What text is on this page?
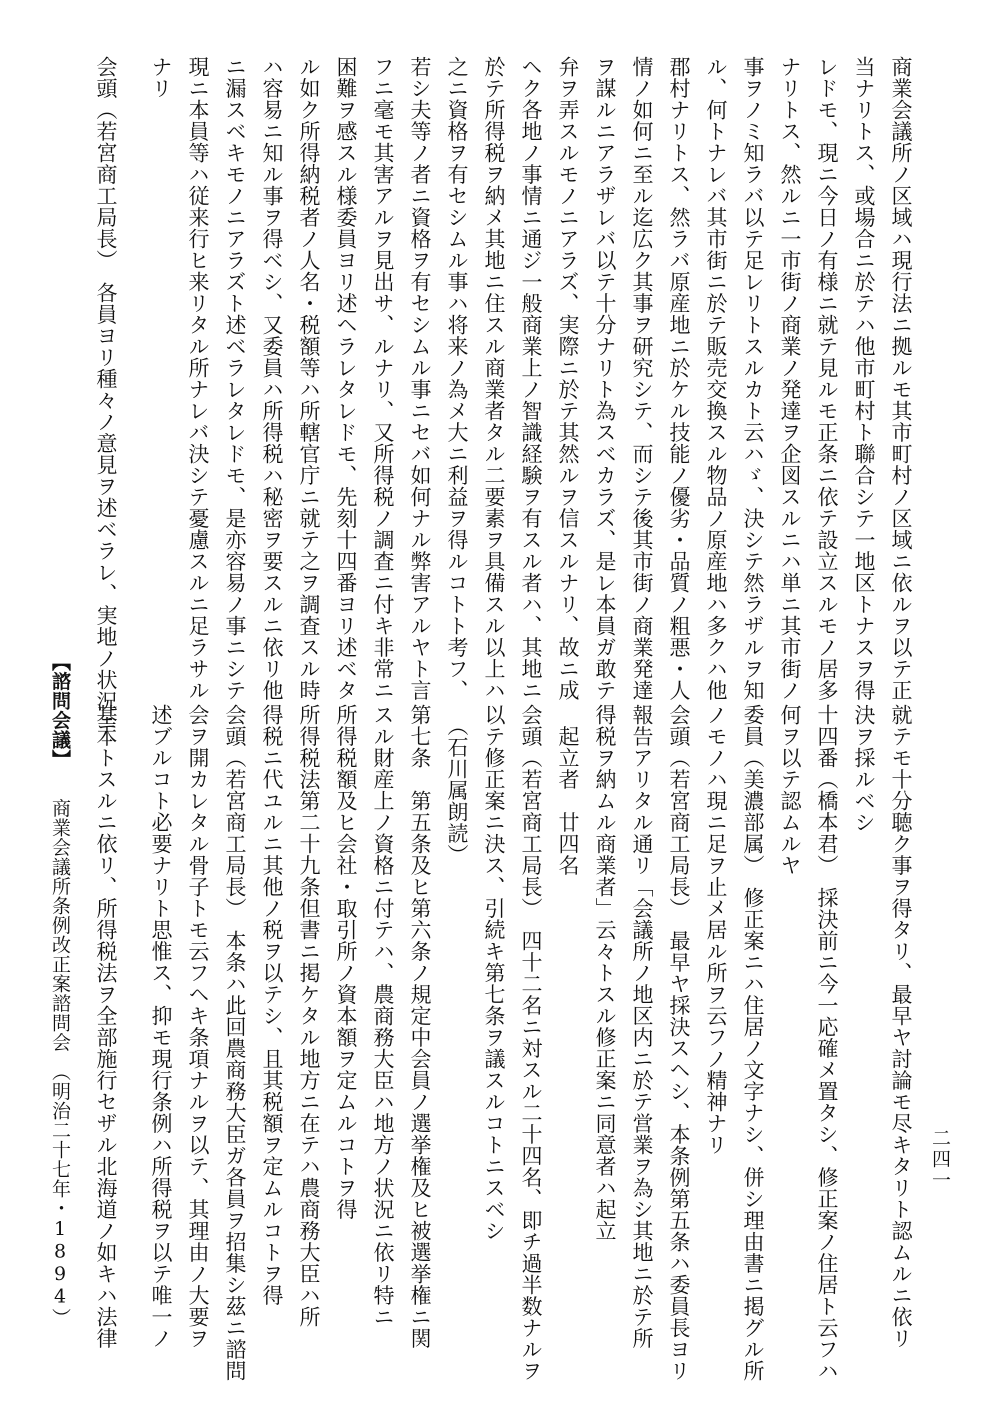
商業会議所ノ区域ハ現行法ニ拠ルモ其市町村ノ区域ニ依ルヲ以テ正
当ナリトス、或場合ニ於テハ他市町村ト聯合シテ一地区トナスヲ得
レドモ、現ニ今日ノ有様ニ就テ見ルモ正条ニ依テ設立スルモノ居多
ナリトス、然ルニ一市街ノ商業ノ発達ヲ企図スルニハ単ニ其市街ノ
事ヲノミ知ラバ以テ足レリトスルカト云ハゞ、決シテ然ラザルヲ知
ル、何トナレバ其市街ニ於テ販売交換スル物品ノ原産地ハ多クハ他
郡村ナリトス、然ラバ原産地ニ於ケル技能ノ優劣・品質ノ粗悪・人
情ノ如何ニ至ル迄広ク其事ヲ研究シテ、而シテ後其市街ノ商業発達
ヲ謀ルニアラザレバ以テ十分ナリト為スベカラズ、是レ本員ガ敢テ
弁ヲ弄スルモノニアラズ、実際ニ於テ其然ルヲ信スルナリ、故ニ成
ヘク各地ノ事情ニ通ジ一般商業上ノ智識経験ヲ有スル者ハ、其地ニ
於テ所得税ヲ納メ其地ニ住スル商業者タル二要素ヲ具備スル以上ハ
之ニ資格ヲ有セシムル事ハ将来ノ為メ大ニ利益ヲ得ルコトト考フ、
若シ夫等ノ者ニ資格ヲ有セシムル事ニセバ如何ナル弊害アルヤト言
フニ毫モ其害アルヲ見出サ、ルナリ、又所得税ノ調査ニ付キ非常ニ
困難ヲ感スル様委員ヨリ述ヘラレタレドモ、先刻十四番ヨリ述ベタ
ル如ク所得納税者ノ人名・税額等ハ所轄官庁ニ就テ之ヲ調査スル時
ハ容易ニ知ル事ヲ得ベシ、又委員ハ所得税ハ秘密ヲ要スルニ依リ他
ニ漏スベキモノニアラズト述ベラレタレドモ、是亦容易ノ事ニシテ
現ニ本員等ハ従来行ヒ来リタル所ナレバ決シテ憂慮スルニ足ラサル
ナリ
会頭（若宮商工局長）　各員ヨリ種々ノ意見ヲ述ベラレ、実地ノ状況ニ
【諮問会議】　　商業会議所条例改正案諮問会　（明治二十七年・1894）	就テモ十分聴ク事ヲ得タリ、最早ヤ討論モ尽キタリト認ムルニ依リ
決ヲ採ルベシ
十四番（橋本君）　採決前ニ今一応確メ置タシ、修正案ノ住居ト云フハ
何ヲ以テ認ムルヤ
委員（美濃部属）　修正案ニハ住居ノ文字ナシ、併シ理由書ニ掲グル所
ノモノハ現ニ足ヲ止メ居ル所ヲ云フノ精神ナリ
会頭（若宮商工局長）　最早ヤ採決スヘシ、本条例第五条ハ委員長ヨリ
報告アリタル通リ「会議所ノ地区内ニ於テ営業ヲ為シ其地ニ於テ所
得税ヲ納ムル商業者」云々トスル修正案ニ同意者ハ起立
　起立者　廿四名
会頭（若宮商工局長）　四十二名ニ対スル二十四名、即チ過半数ナルヲ
以テ修正案ニ決ス、引続キ第七条ヲ議スルコトニスベシ
　（石川属朗読）
第七条　第五条及ヒ第六条ノ規定中会員ノ選挙権及ヒ被選挙権ニ関
スル財産上ノ資格ニ付テハ、農商務大臣ハ地方ノ状況ニ依リ特ニ
所得税額及ヒ会社・取引所ノ資本額ヲ定ムルコトヲ得
所得税法第二十九条但書ニ掲ケタル地方ニ在テハ農商務大臣ハ所
得税ニ代ユルニ其他ノ税ヲ以テシ、且其税額ヲ定ムルコトヲ得
会頭（若宮商工局長）　本条ハ此回農商務大臣ガ各員ヲ招集シ茲ニ諮問
会ヲ開カレタル骨子トモ云フヘキ条項ナルヲ以テ、其理由ノ大要ヲ
述ブルコト必要ナリト思惟ス、抑モ現行条例ハ所得税ヲ以テ唯一ノ
基本トスルニ依リ、所得税法ヲ全部施行セザル北海道ノ如キハ法律	二四一
